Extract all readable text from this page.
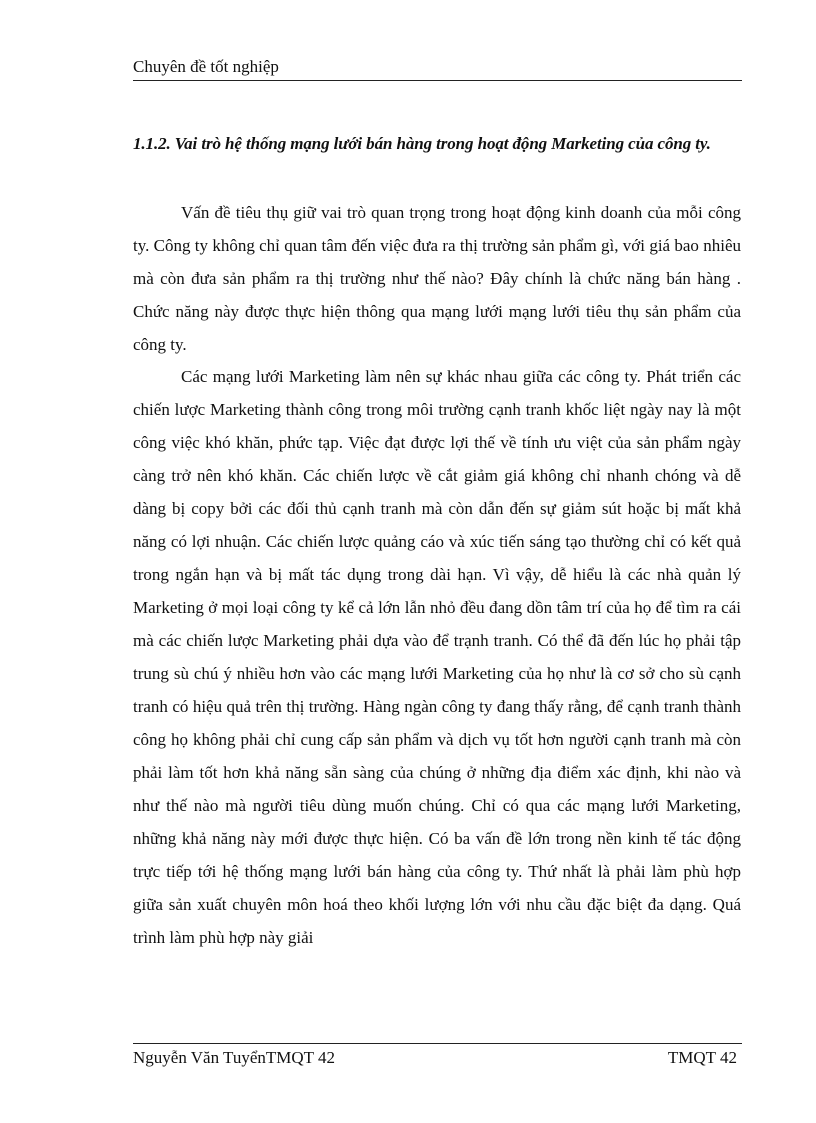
Chuyên đề tốt nghiệp
1.1.2. Vai trò hệ thống mạng lưới bán hàng trong hoạt động Marketing của công ty.

Vấn đề tiêu thụ giữ vai trò quan trọng trong hoạt động kinh doanh của mỗi công ty. Công ty không chỉ quan tâm đến việc đưa ra thị trường sản phẩm gì, với giá bao nhiêu mà còn đưa sản phẩm ra thị trường như thế nào? Đây chính là chức năng bán hàng . Chức năng này được thực hiện thông qua mạng lưới mạng lưới tiêu thụ sản phẩm của công ty.

Các mạng lưới Marketing làm nên sự khác nhau giữa các công ty. Phát triển các chiến lược Marketing thành công trong môi trường cạnh tranh khốc liệt ngày nay là một công việc khó khăn, phức tạp. Việc đạt được lợi thế về tính ưu việt của sản phẩm ngày càng trở nên khó khăn. Các chiến lược về cắt giảm giá không chỉ nhanh chóng và dễ dàng bị copy bởi các đối thủ cạnh tranh mà còn dẫn đến sự giảm sút hoặc bị mất khả năng có lợi nhuận. Các chiến lược quảng cáo và xúc tiến sáng tạo thường chỉ có kết quả trong ngắn hạn và bị mất tác dụng trong dài hạn. Vì vậy, dễ hiểu là các nhà quản lý Marketing ở mọi loại công ty kể cả lớn lẫn nhỏ đều đang dồn tâm trí của họ để tìm ra cái mà các chiến lược Marketing phải dựa vào để trạnh tranh. Có thể đã đến lúc họ phải tập trung sù chú ý nhiều hơn vào các mạng lưới Marketing của họ như là cơ sở cho sù cạnh tranh có hiệu quả trên thị trường. Hàng ngàn công ty đang thấy rằng, để cạnh tranh thành công họ không phải chỉ cung cấp sản phẩm và dịch vụ tốt hơn người cạnh tranh mà còn phải làm tốt hơn khả năng sẵn sàng của chúng ở những địa điểm xác định, khi nào và như thế nào mà người tiêu dùng muốn chúng. Chỉ có qua các mạng lưới Marketing, những khả năng này mới được thực hiện. Có ba vấn đề lớn trong nền kinh tế tác động trực tiếp tới hệ thống mạng lưới bán hàng của công ty. Thứ nhất là phải làm phù hợp giữa sản xuất chuyên môn hoá theo khối lượng lớn với nhu cầu đặc biệt đa dạng. Quá trình làm phù hợp này giải

Nguyễn Văn TuyểnTMQT 42	TMQT 42
